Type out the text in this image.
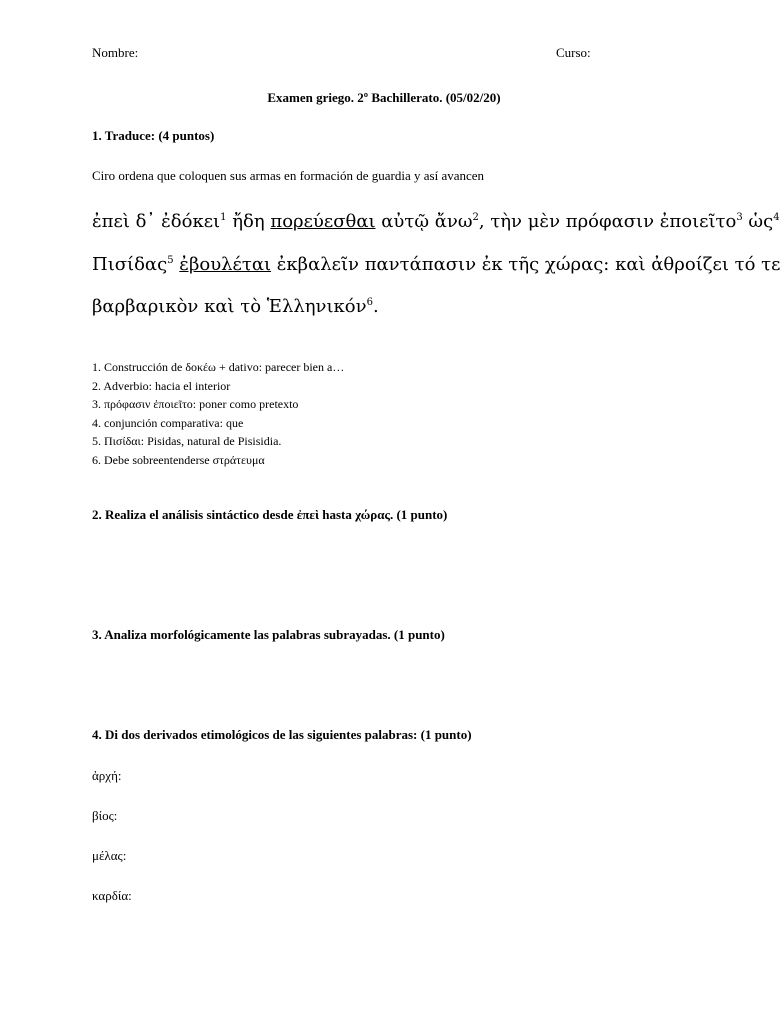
Nombre:	Curso:
Examen griego. 2º Bachillerato. (05/02/20)
1. Traduce: (4 puntos)
Ciro ordena que coloquen sus armas en formación de guardia y así avancen
ἐπεὶ δ᾽ ἐδόκει$^1$ ἤδη πορεύεσθαι αὐτῷ ἄνω$^2$, τὴν μὲν πρόφασιν ἐποιεῖτο$^3$ ὡς$^4$
Πισίδας$^5$ ἐβουλέται ἐκβαλεῖν παντάπασιν ἐκ τῆς χώρας: καὶ ἀθροίζει τό τε
βαρβαρικὸν καὶ τὸ Ἑλληνικόν$^6$.
1. Construcción de δοκέω + dativo: parecer bien a…
2. Adverbio: hacia el interior
3. πρόφασιν ἐποιεῖτο: poner como pretexto
4. conjunción comparativa: que
5. Πισίδαι: Pisidas, natural de Pisisidia.
6. Debe sobreentenderse στράτευμα
2. Realiza el análisis sintáctico desde ἐπεὶ hasta χώρας. (1 punto)
3. Analiza morfológicamente las palabras subrayadas. (1 punto)
4. Di dos derivados etimológicos de las siguientes palabras: (1 punto)
ἀρχή:
βίος:
μέλας:
καρδία:
